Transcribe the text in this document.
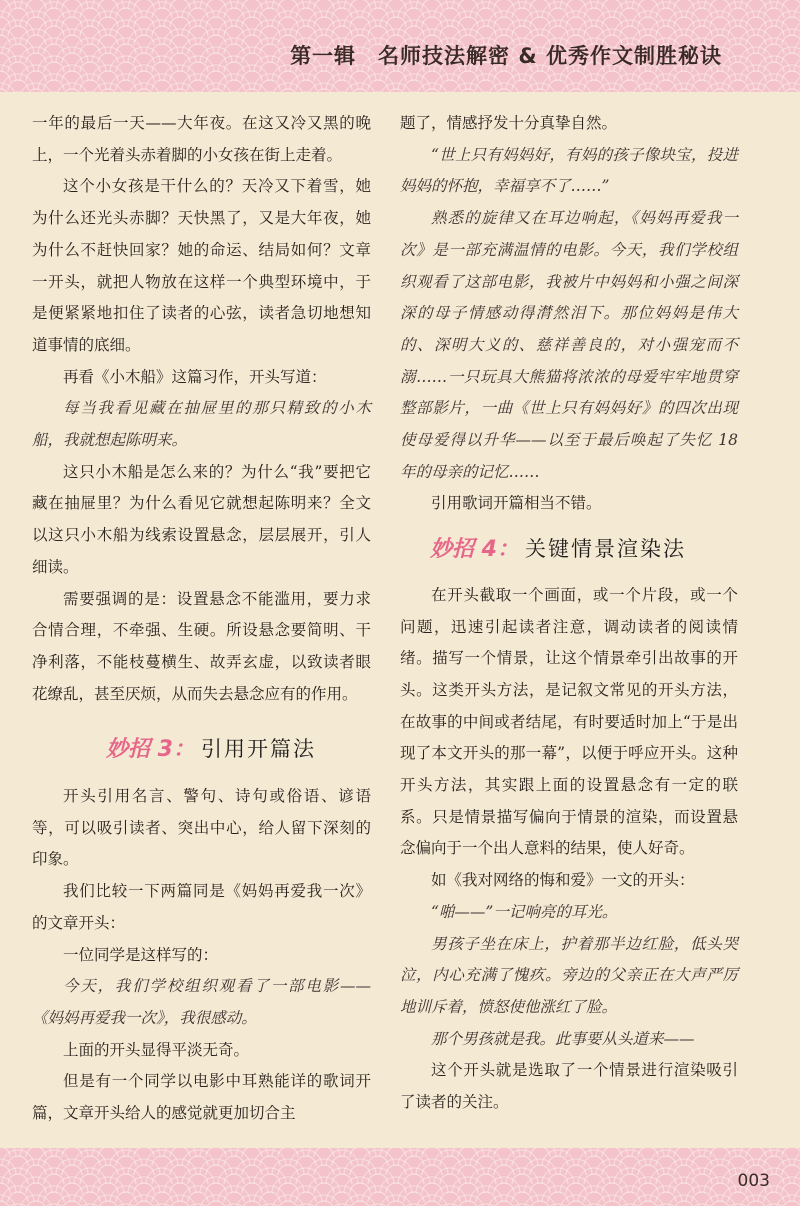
第一辑　名师技法解密 & 优秀作文制胜秘诀

一年的最后一天——大年夜。在这又冷又黑的晚上，一个光着头赤着脚的小女孩在街上走着。

这个小女孩是干什么的？天冷又下着雪，她为什么还光头赤脚？天快黑了，又是大年夜，她为什么不赶快回家？她的命运、结局如何？文章一开头，就把人物放在这样一个典型环境中，于是便紧紧地扣住了读者的心弦，读者急切地想知道事情的底细。

再看《小木船》这篇习作，开头写道：

每当我看见藏在抽屉里的那只精致的小木船，我就想起陈明来。

这只小木船是怎么来的？为什么“我”要把它藏在抽屉里？为什么看见它就想起陈明来？全文以这只小木船为线索设置悬念，层层展开，引人细读。

需要强调的是：设置悬念不能滥用，要力求合情合理，不牵强、生硬。所设悬念要简明、干净利落，不能枝蔓横生、故弄玄虚，以致读者眼花缭乱，甚至厌烦，从而失去悬念应有的作用。

妙招 3： 引用开篇法

开头引用名言、警句、诗句或俗语、谚语等，可以吸引读者、突出中心，给人留下深刻的印象。

我们比较一下两篇同是《妈妈再爱我一次》的文章开头：

一位同学是这样写的：

今天，我们学校组织观看了一部电影——《妈妈再爱我一次》，我很感动。

上面的开头显得平淡无奇。

但是有一个同学以电影中耳熟能详的歌词开篇，文章开头给人的感觉就更加切合主

题了，情感抒发十分真挚自然。

“世上只有妈妈好，有妈的孩子像块宝，投进妈妈的怀抱，幸福享不了……”

熟悉的旋律又在耳边响起，《妈妈再爱我一次》是一部充满温情的电影。今天，我们学校组织观看了这部电影，我被片中妈妈和小强之间深深的母子情感动得潸然泪下。那位妈妈是伟大的、深明大义的、慈祥善良的，对小强宠而不溺……一只玩具大熊猫将浓浓的母爱牢牢地贯穿整部影片，一曲《世上只有妈妈好》的四次出现使母爱得以升华——以至于最后唤起了失忆 18 年的母亲的记忆……

引用歌词开篇相当不错。

妙招 4： 关键情景渲染法

在开头截取一个画面，或一个片段，或一个问题，迅速引起读者注意，调动读者的阅读情绪。描写一个情景，让这个情景牵引出故事的开头。这类开头方法，是记叙文常见的开头方法，在故事的中间或者结尾，有时要适时加上“于是出现了本文开头的那一幕”，以便于呼应开头。这种开头方法，其实跟上面的设置悬念有一定的联系。只是情景描写偏向于情景的渲染，而设置悬念偏向于一个出人意料的结果，使人好奇。

如《我对网络的悔和爱》一文的开头：

“啪——”一记响亮的耳光。

男孩子坐在床上，护着那半边红脸，低头哭泣，内心充满了愧疚。旁边的父亲正在大声严厉地训斥着，愤怒使他涨红了脸。

那个男孩就是我。此事要从头道来——

这个开头就是选取了一个情景进行渲染吸引了读者的关注。

003
